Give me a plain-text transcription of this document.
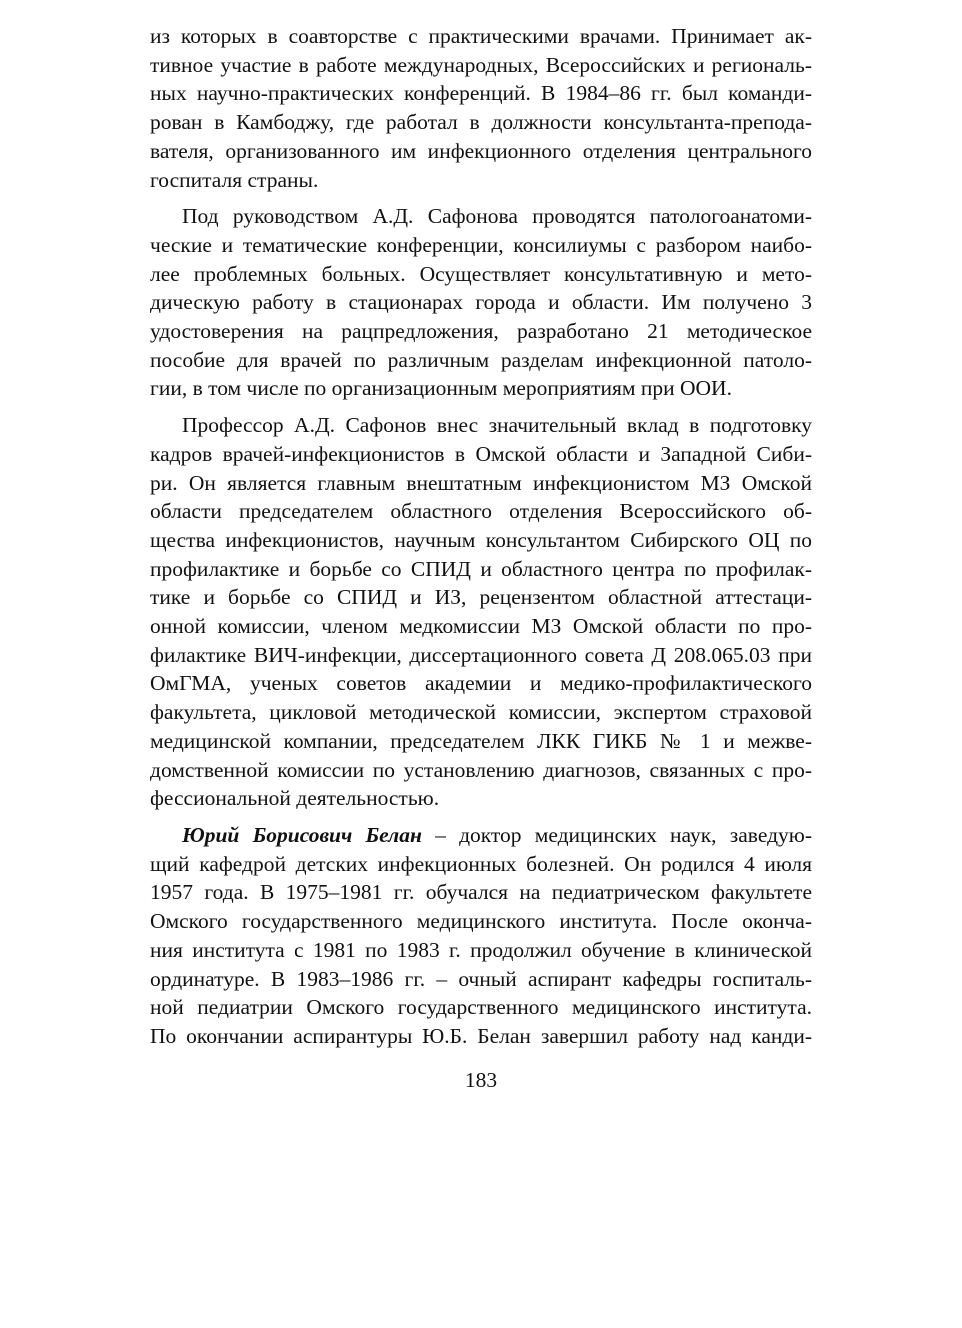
из которых в соавторстве с практическими врачами. Принимает ак-
тивное участие в работе международных, Всероссийских и региональ-
ных научно-практических конференций. В 1984–86 гг. был команди-
рован в Камбоджу, где работал в должности консультанта-препода-
вателя, организованного им инфекционного отделения центрального
госпиталя страны.

Под руководством А.Д. Сафонова проводятся патологоанатоми-
ческие и тематические конференции, консилиумы с разбором наибо-
лее проблемных больных. Осуществляет консультативную и мето-
дическую работу в стационарах города и области. Им получено 3
удостоверения на рацпредложения, разработано 21 методическое
пособие для врачей по различным разделам инфекционной патоло-
гии, в том числе по организационным мероприятиям при ООИ.

Профессор А.Д. Сафонов внес значительный вклад в подготовку
кадров врачей-инфекционистов в Омской области и Западной Сиби-
ри. Он является главным внештатным инфекционистом МЗ Омской
области председателем областного отделения Всероссийского об-
щества инфекционистов, научным консультантом Сибирского ОЦ по
профилактике и борьбе со СПИД и областного центра по профилак-
тике и борьбе со СПИД и ИЗ, рецензентом областной аттестаци-
онной комиссии, членом медкомиссии МЗ Омской области по про-
филактике ВИЧ-инфекции, диссертационного совета Д 208.065.03 при
ОмГМА, ученых советов академии и медико-профилактического
факультета, цикловой методической комиссии, экспертом страховой
медицинской компании, председателем ЛКК ГИКБ № 1 и межве-
домственной комиссии по установлению диагнозов, связанных с про-
фессиональной деятельностью.

Юрий Борисович Белан – доктор медицинских наук, заведую-
щий кафедрой детских инфекционных болезней. Он родился 4 июля
1957 года. В 1975–1981 гг. обучался на педиатрическом факультете
Омского государственного медицинского института. После оконча-
ния института с 1981 по 1983 г. продолжил обучение в клинической
ординатуре. В 1983–1986 гг. – очный аспирант кафедры госпиталь-
ной педиатрии Омского государственного медицинского института.
По окончании аспирантуры Ю.Б. Белан завершил работу над канди-

183
